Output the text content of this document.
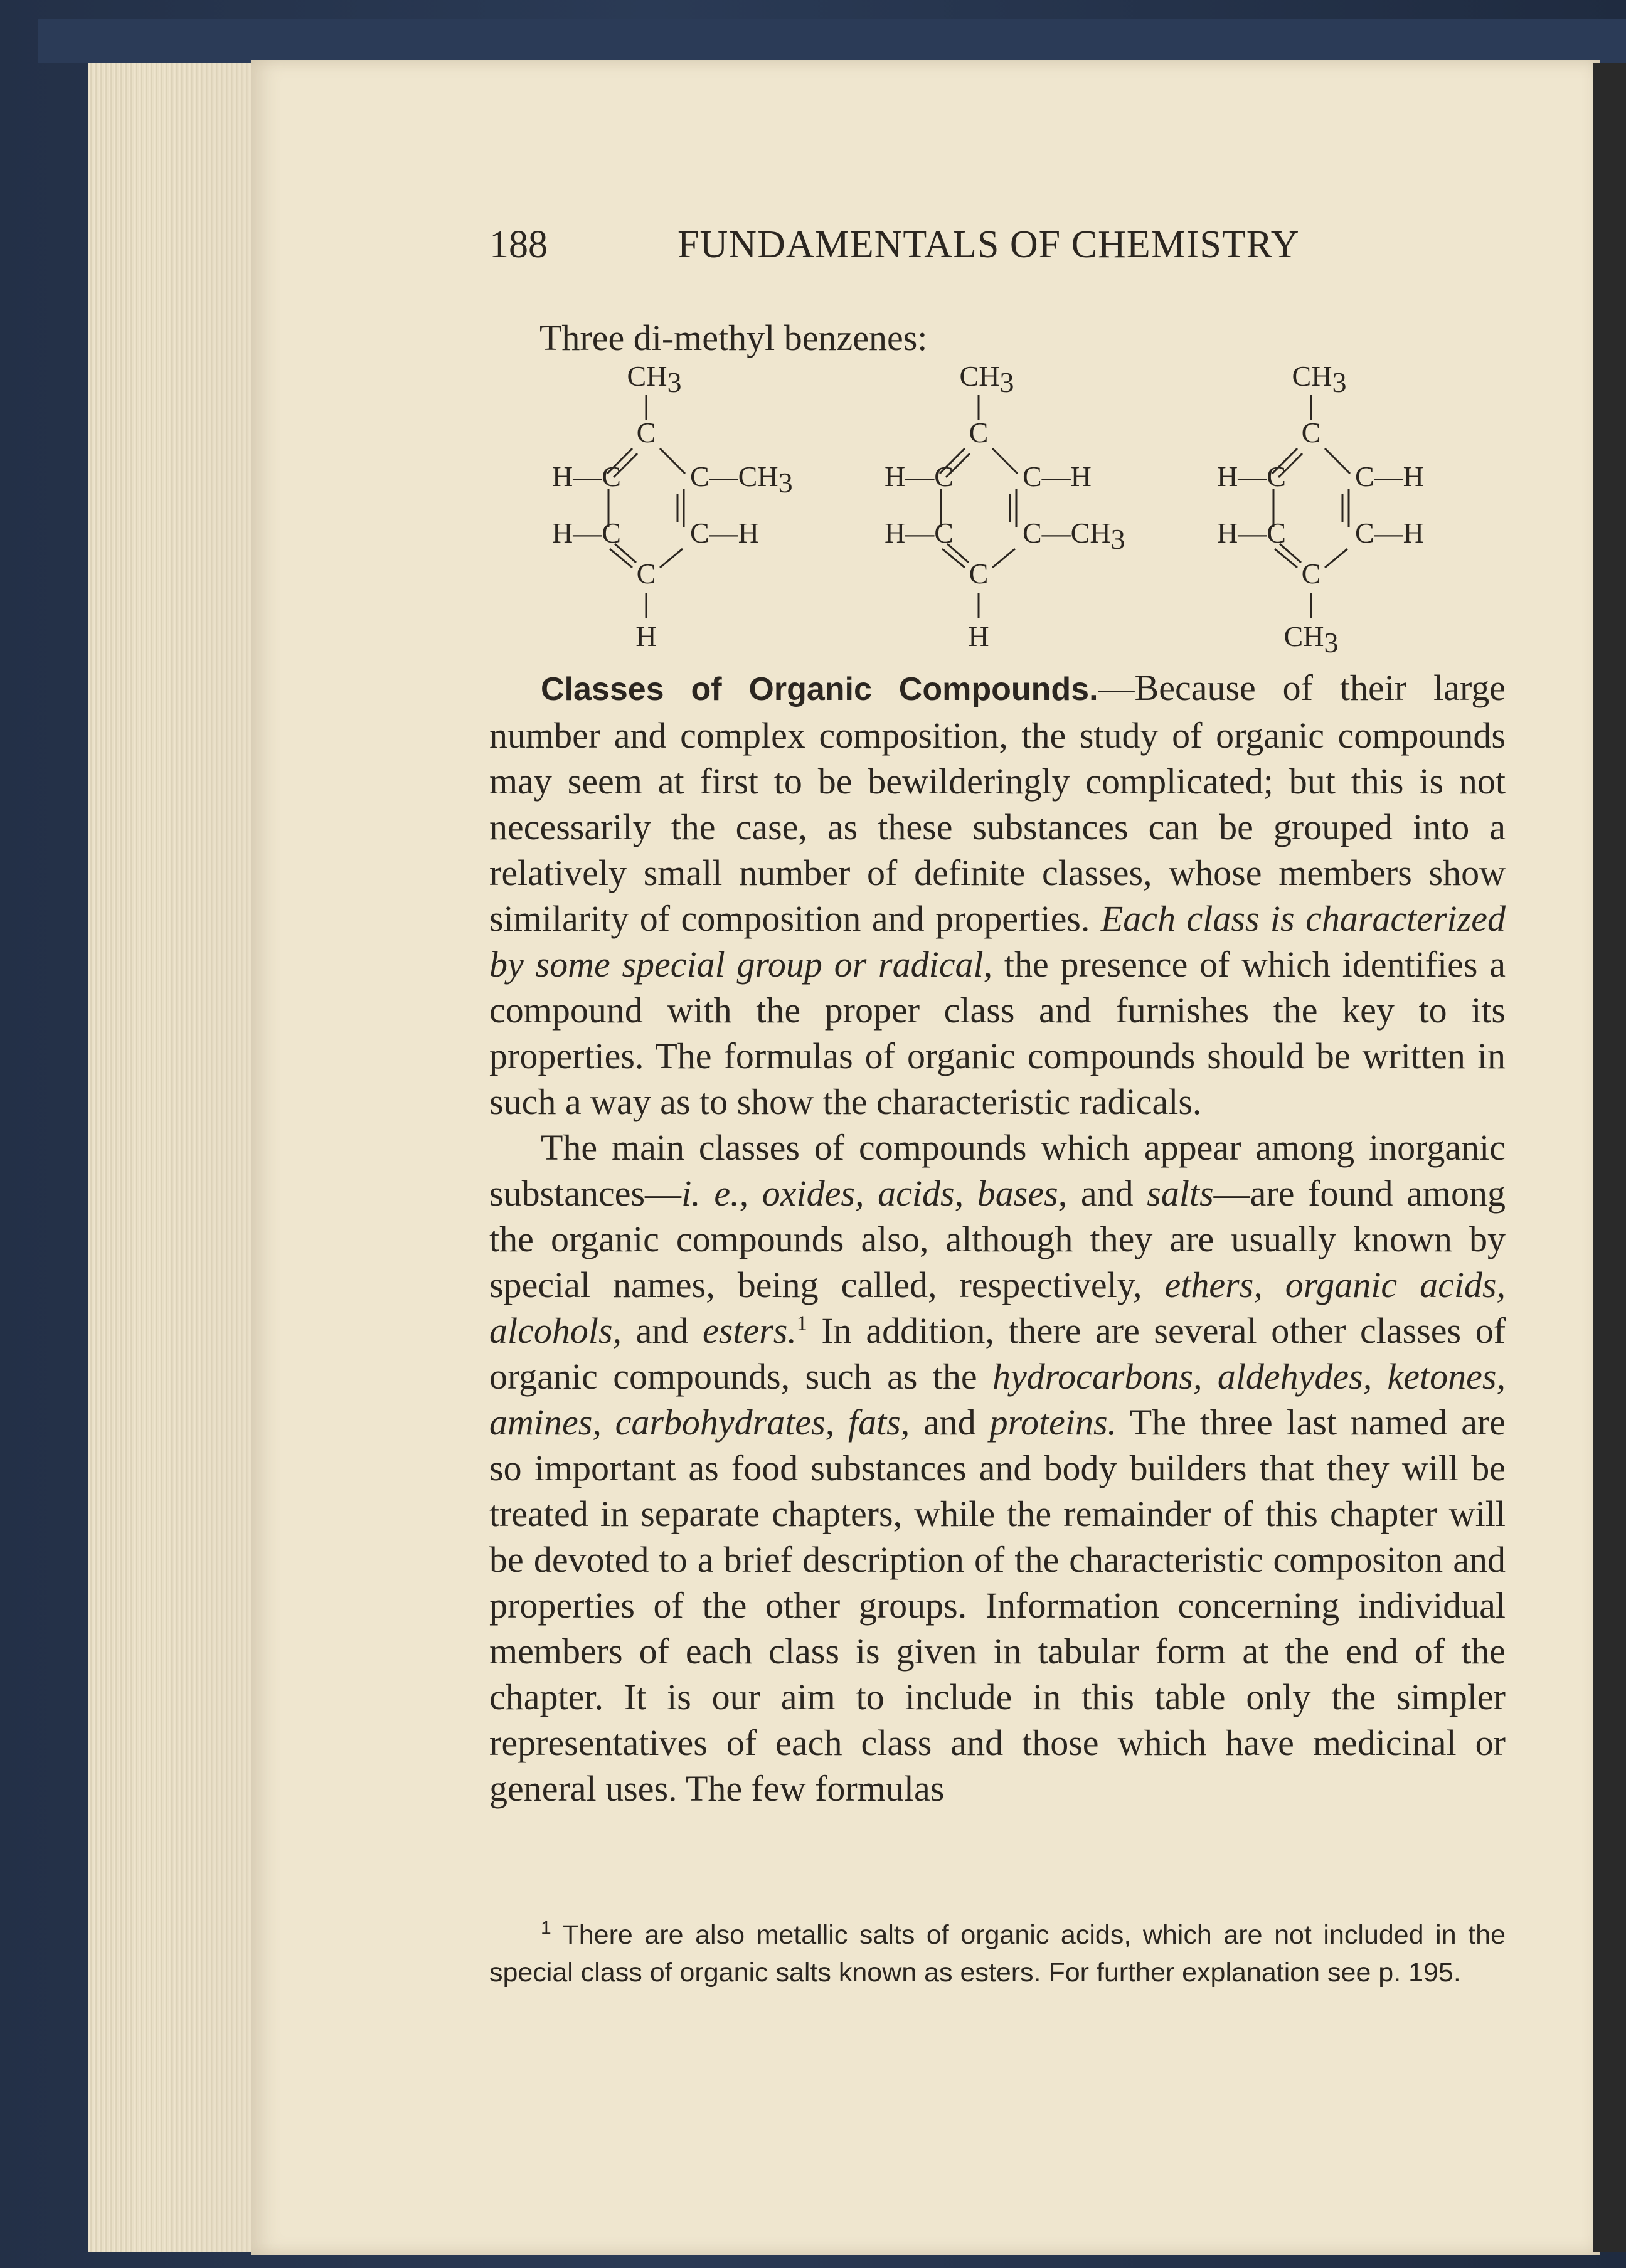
188	FUNDAMENTALS OF CHEMISTRY
Three di-methyl benzenes:
CH3
C
H—C C—CH3
H—C C—H
C
H
CH3
C
H—C C—H
H—C C—CH3
C
H
CH3
C
H—C C—H
H—C C—H
C
CH3

Classes of Organic Compounds.—Because of their large number and complex composition, the study of organic compounds may seem at first to be bewilderingly complicated; but this is not necessarily the case, as these substances can be grouped into a relatively small number of definite classes, whose members show similarity of composition and properties. Each class is characterized by some special group or radical, the presence of which identifies a compound with the proper class and furnishes the key to its properties. The formulas of organic compounds should be written in such a way as to show the characteristic radicals.

The main classes of compounds which appear among inorganic substances—i. e., oxides, acids, bases, and salts—are found among the organic compounds also, although they are usually known by special names, being called, respectively, ethers, organic acids, alcohols, and esters.$^1$ In addition, there are several other classes of organic compounds, such as the hydrocarbons, aldehydes, ketones, amines, carbohydrates, fats, and proteins. The three last named are so important as food substances and body builders that they will be treated in separate chapters, while the remainder of this chapter will be devoted to a brief description of the characteristic compositon and properties of the other groups. Information concerning individual members of each class is given in tabular form at the end of the chapter. It is our aim to include in this table only the simpler representatives of each class and those which have medicinal or general uses. The few formulas

$^1$ There are also metallic salts of organic acids, which are not included in the special class of organic salts known as esters. For further explanation see p. 195.
